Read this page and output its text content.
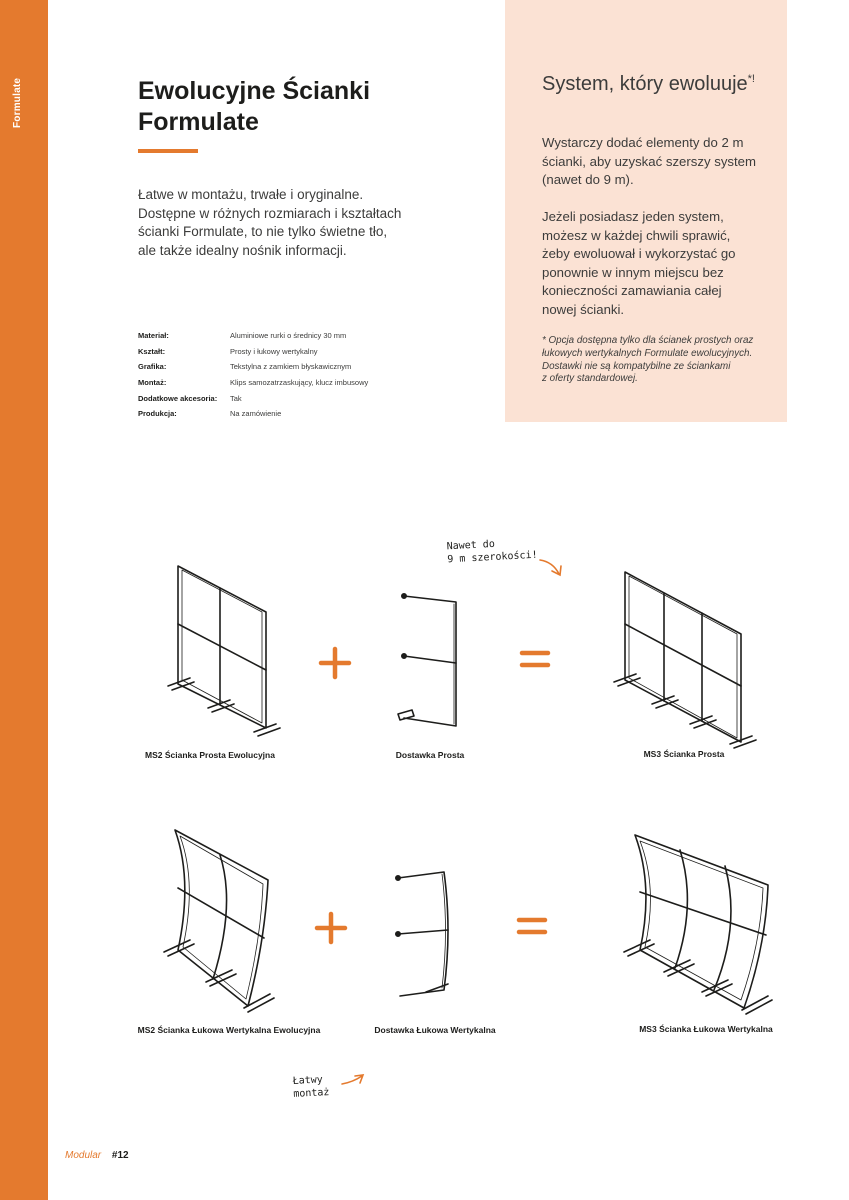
Formulate	Ewolucyjne Ścianki
Formulate

Łatwe w montażu, trwałe i oryginalne.
Dostępne w różnych rozmiarach i kształtach
ścianki Formulate, to nie tylko świetne tło,
ale także idealny nośnik informacji.

Materiał:	Aluminiowe rurki o średnicy 30 mm
Kształt:	Prosty i łukowy wertykalny
Grafika:	Tekstylna z zamkiem błyskawicznym
Montaż:	Klips samozatrzaskujący, klucz imbusowy
Dodatkowe akcesoria:	Tak
Produkcja:	Na zamówienie
System, który ewoluuje*!

Wystarczy dodać elementy do 2 m
ścianki, aby uzyskać szerszy system
(nawet do 9 m).

Jeżeli posiadasz jeden system,
możesz w każdej chwili sprawić,
żeby ewoluował i wykorzystać go
ponownie w innym miejscu bez
konieczności zamawiania całej
nowej ścianki.

* Opcja dostępna tylko dla ścianek prostych oraz
łukowych wertykalnych Formulate ewolucyjnych.
Dostawki nie są kompatybilne ze ściankami
z oferty standardowej.

MS2 Ścianka Prosta Ewolucyjna	Dostawka Prosta	MS3 Ścianka Prosta
MS2 Ścianka Łukowa Wertykalna Ewolucyjna	Dostawka Łukowa Wertykalna	MS3 Ścianka Łukowa Wertykalna
Nawet do
9 m szerokości!
Łatwy
montaż
Modular #12
